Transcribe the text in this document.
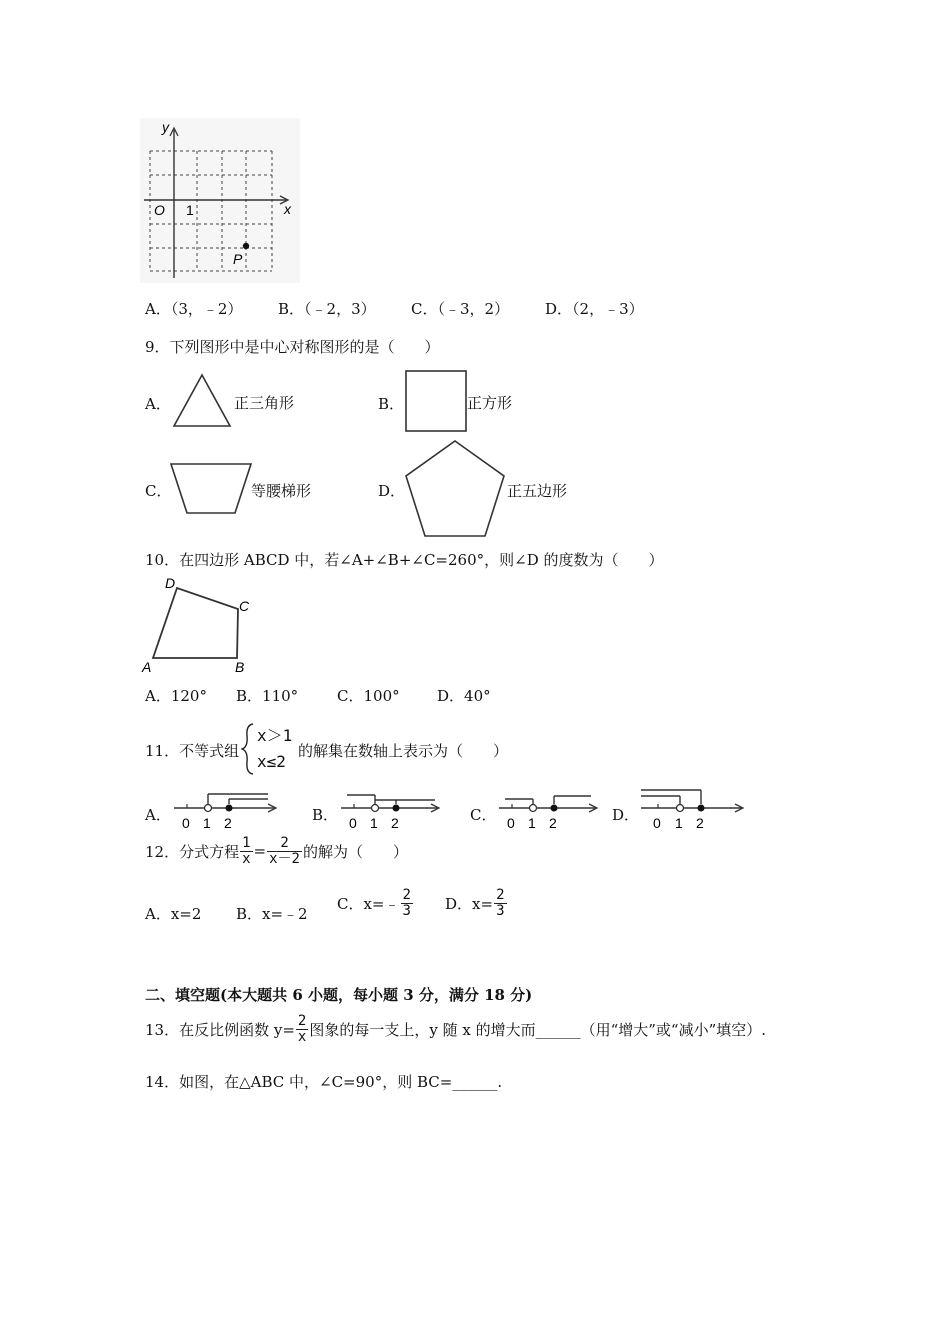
y
x
O 1
P
A．（3，﹣2） B．（﹣2，3） C．（﹣3，2） D．（2，﹣3）
9．下列图形中是中心对称图形的是（　　）
A．	正三角形	B．	正方形
C．	等腰梯形	D．	正五边形
10．在四边形 ABCD 中，若∠A+∠B+∠C=260°，则∠D 的度数为（　　）
A	B
C
D
A．120° B．110°	C．100° D．40°
11．不等式组
x＞1
x≤2
的解集在数轴上表示为（　　）
A． 0 1 2	B． 0 1 2	C． 0 1 2	D． 0 1 2
12．分式方程 $\frac{1}{x} = \frac{2}{x-2}$ 的解为（　　）
A．x=2 B．x=﹣2
C．x=﹣ $\frac{2}{3}$ D．$x= \frac{2}{3}$
二、填空题(本大题共 6 小题，每小题 3 分，满分 18 分)
13．在反比例函数 $y= \frac{2}{x}$ 图象的每一支上，y 随 x 的增大而______（用“增大”或“减小”填空）.
14．如图，在△ABC 中，∠C=90°，则 BC=______.
